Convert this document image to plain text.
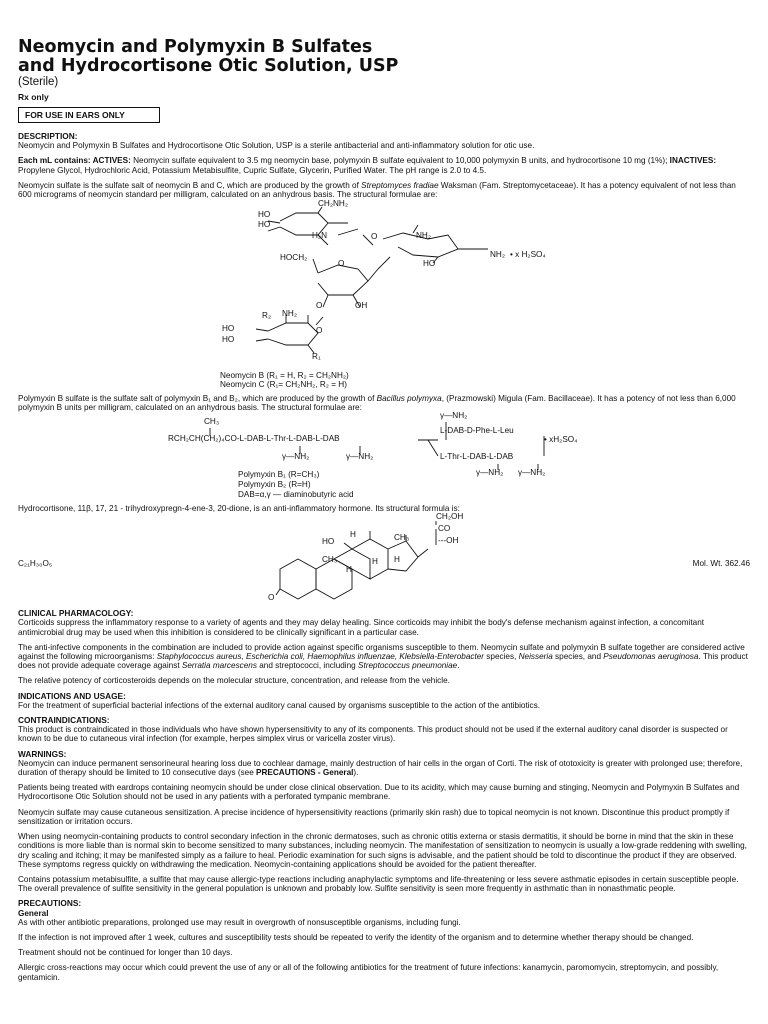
Neomycin and Polymyxin B Sulfates
and Hydrocortisone Otic Solution, USP

(Sterile)

Rx only

FOR USE IN EARS ONLY

DESCRIPTION:

Neomycin and Polymyxin B Sulfates and Hydrocortisone Otic Solution, USP is a sterile antibacterial and anti-inflammatory solution for otic use.

Each mL contains: ACTIVES: Neomycin sulfate equivalent to 3.5 mg neomycin base, polymyxin B sulfate equivalent to 10,000 polymyxin B units, and hydrocortisone 10 mg (1%); INACTIVES: Propylene Glycol, Hydrochloric Acid, Potassium Metabisulfite, Cupric Sulfate, Glycerin, Purified Water. The pH range is 2.0 to 4.5.

Neomycin sulfate is the sulfate salt of neomycin B and C, which are produced by the growth of Streptomyces fradiae Waksman (Fam. Streptomycetaceae). It has a potency equivalent of not less than 600 micrograms of neomycin standard per milligram, calculated on an anhydrous basis. The structural formulae are:

CH₂NH₂
HO
HO
H₂N	O	NH₂
HOCH₂
O	HO
NH₂ • x H₂SO₄
O	OH
R₂ NH₂
HO
HO
R₁
O

Neomycin B (R₁ = H, R₂ = CH₂NH₂)

Neomycin C (R₁= CH₂NH₂, R₂ = H)

Polymyxin B sulfate is the sulfate salt of polymyxin B₁ and B₂, which are produced by the growth of Bacillus polymyxa, (Prazmowski) Migula (Fam. Bacillaceae). It has a potency of not less than 6,000 polymyxin B units per milligram, calculated on an anhydrous basis. The structural formulae are:

CH₃
RCH₂CH(CH₂)₄CO-L-DAB-L-Thr-L-DAB-L-DAB
γ—NH₂
L-DAB-D-Phe-L-Leu
• xH₂SO₄
γ—NH₂	γ—NH₂	L-Thr-L-DAB-L-DAB
γ—NH₂ γ—NH₂
Polymyxin B₁ (R=CH₃)
Polymyxin B₂ (R=H)
DAB=α,γ — diaminobutyric acid

Hydrocortisone, 11β, 17, 21 - trihydroxypregn-4-ene-3, 20-dione, is an anti-inflammatory hormone. Its structural formula is:

CH₂OH
CO
---OH
HO
H	CH₃
CH₃
H
H H
O
C₂₁H₃₀O₅	Mol. Wt. 362.46

CLINICAL PHARMACOLOGY:

Corticoids suppress the inflammatory response to a variety of agents and they may delay healing. Since corticoids may inhibit the body's defense mechanism against infection, a concomitant antimicrobial drug may be used when this inhibition is considered to be clinically significant in a particular case.

The anti-infective components in the combination are included to provide action against specific organisms susceptible to them. Neomycin sulfate and polymyxin B sulfate together are considered active against the following microorganisms: Staphylococcus aureus, Escherichia coli, Haemophilus influenzae, Klebsiella-Enterobacter species, Neisseria species, and Pseudomonas aeruginosa. This product does not provide adequate coverage against Serratia marcescens and streptococci, including Streptococcus pneumoniae.

The relative potency of corticosteroids depends on the molecular structure, concentration, and release from the vehicle.

INDICATIONS AND USAGE:

For the treatment of superficial bacterial infections of the external auditory canal caused by organisms susceptible to the action of the antibiotics.

CONTRAINDICATIONS:

This product is contraindicated in those individuals who have shown hypersensitivity to any of its components. This product should not be used if the external auditory canal disorder is suspected or known to be due to cutaneous viral infection (for example, herpes simplex virus or varicella zoster virus).

WARNINGS:

Neomycin can induce permanent sensorineural hearing loss due to cochlear damage, mainly destruction of hair cells in the organ of Corti. The risk of ototoxicity is greater with prolonged use; therefore, duration of therapy should be limited to 10 consecutive days (see PRECAUTIONS - General).

Patients being treated with eardrops containing neomycin should be under close clinical observation. Due to its acidity, which may cause burning and stinging, Neomycin and Polymyxin B Sulfates and Hydrocortisone Otic Solution should not be used in any patients with a perforated tympanic membrane.

Neomycin sulfate may cause cutaneous sensitization. A precise incidence of hypersensitivity reactions (primarily skin rash) due to topical neomycin is not known. Discontinue this product promptly if sensitization or irritation occurs.

When using neomycin-containing products to control secondary infection in the chronic dermatoses, such as chronic otitis externa or stasis dermatitis, it should be borne in mind that the skin in these conditions is more liable than is normal skin to become sensitized to many substances, including neomycin. The manifestation of sensitization to neomycin is usually a low-grade reddening with swelling, dry scaling and itching; it may be manifested simply as a failure to heal. Periodic examination for such signs is advisable, and the patient should be told to discontinue the product if they are observed. These symptoms regress quickly on withdrawing the medication. Neomycin-containing applications should be avoided for the patient thereafter.

Contains potassium metabisulfite, a sulfite that may cause allergic-type reactions including anaphylactic symptoms and life-threatening or less severe asthmatic episodes in certain susceptible people. The overall prevalence of sulfite sensitivity in the general population is unknown and probably low. Sulfite sensitivity is seen more frequently in asthmatic than in nonasthmatic people.

PRECAUTIONS:

General

As with other antibiotic preparations, prolonged use may result in overgrowth of nonsusceptible organisms, including fungi.

If the infection is not improved after 1 week, cultures and susceptibility tests should be repeated to verify the identity of the organism and to determine whether therapy should be changed.

Treatment should not be continued for longer than 10 days.

Allergic cross-reactions may occur which could prevent the use of any or all of the following antibiotics for the treatment of future infections: kanamycin, paromomycin, streptomycin, and possibly, gentamicin.
